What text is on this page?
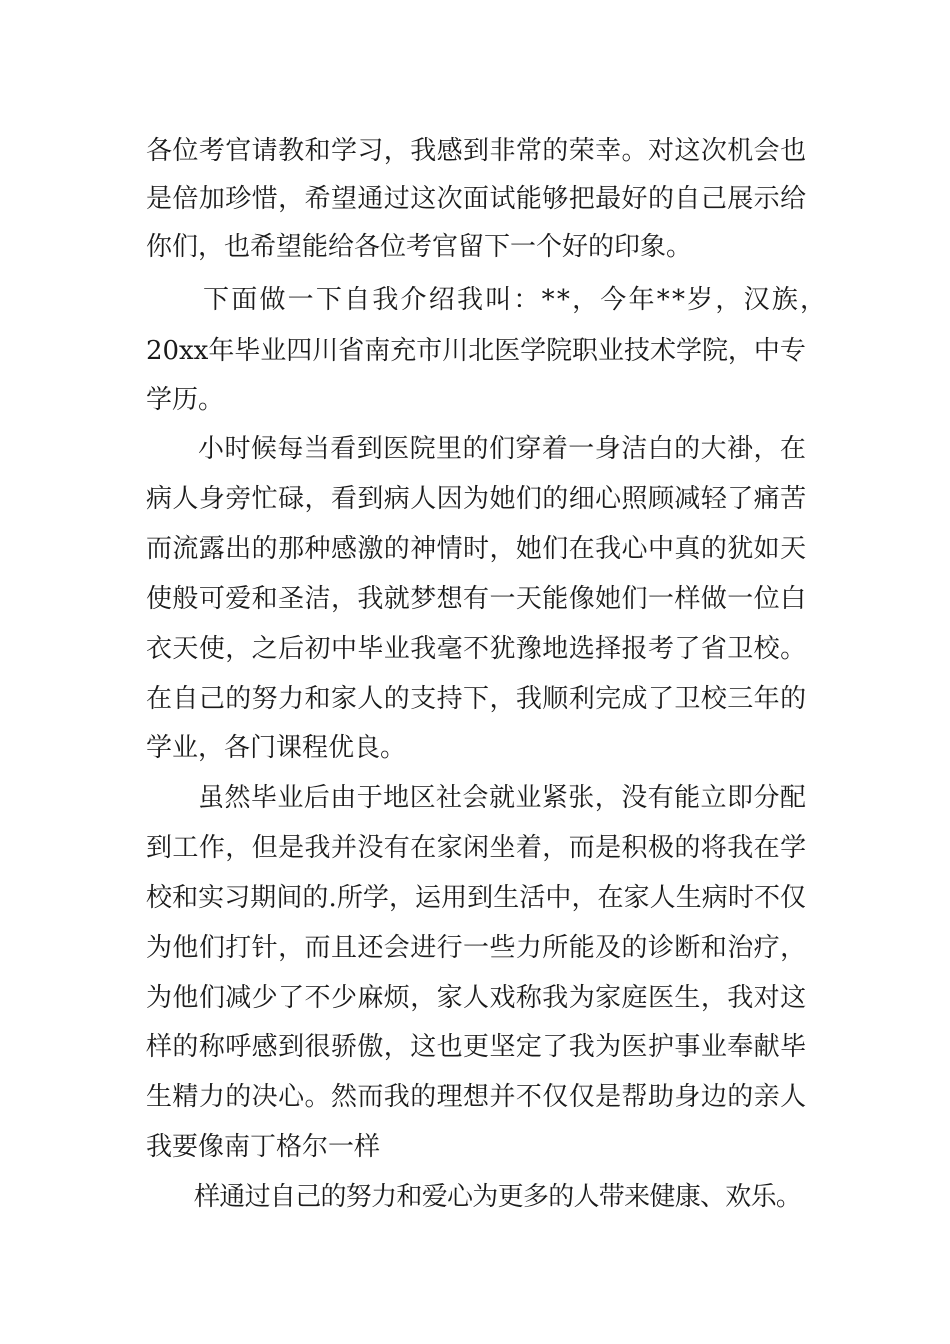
各位考官请教和学习，我感到非常的荣幸。对这次机会也
是倍加珍惜，希望通过这次面试能够把最好的自己展示给
你们，也希望能给各位考官留下一个好的印象。
下面做一下自我介绍我叫：**，今年**岁，汉族，
20xx年毕业四川省南充市川北医学院职业技术学院，中专
学历。
小时候每当看到医院里的们穿着一身洁白的大褂，在
病人身旁忙碌，看到病人因为她们的细心照顾减轻了痛苦
而流露出的那种感激的神情时，她们在我心中真的犹如天
使般可爱和圣洁，我就梦想有一天能像她们一样做一位白
衣天使，之后初中毕业我毫不犹豫地选择报考了省卫校。
在自己的努力和家人的支持下，我顺利完成了卫校三年的
学业，各门课程优良。
虽然毕业后由于地区社会就业紧张，没有能立即分配
到工作，但是我并没有在家闲坐着，而是积极的将我在学
校和实习期间的.所学，运用到生活中，在家人生病时不仅
为他们打针，而且还会进行一些力所能及的诊断和治疗，
为他们减少了不少麻烦，家人戏称我为家庭医生，我对这
样的称呼感到很骄傲，这也更坚定了我为医护事业奉献毕
生精力的决心。然而我的理想并不仅仅是帮助身边的亲人
我要像南丁格尔一样
样通过自己的努力和爱心为更多的人带来健康、欢乐。
